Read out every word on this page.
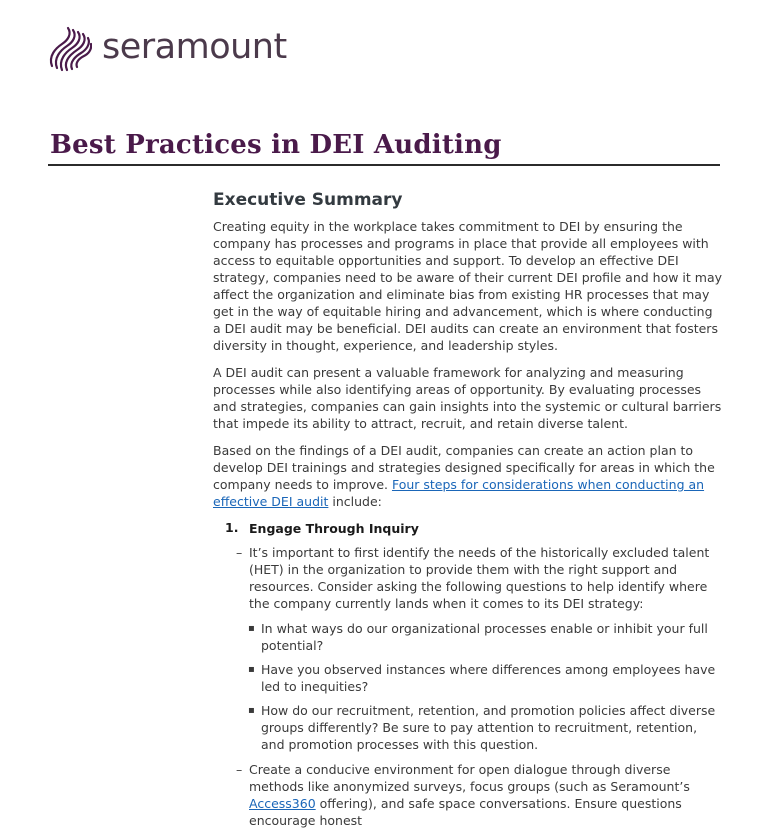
seramount
Best Practices in DEI Auditing
Executive Summary

Creating equity in the workplace takes commitment to DEI by ensuring the company has processes and programs in place that provide all employees with access to equitable opportunities and support. To develop an effective DEI strategy, companies need to be aware of their current DEI profile and how it may affect the organization and eliminate bias from existing HR processes that may get in the way of equitable hiring and advancement, which is where conducting a DEI audit may be beneficial. DEI audits can create an environment that fosters diversity in thought, experience, and leadership styles.

A DEI audit can present a valuable framework for analyzing and measuring processes while also identifying areas of opportunity. By evaluating processes and strategies, companies can gain insights into the systemic or cultural barriers that impede its ability to attract, recruit, and retain diverse talent.

Based on the findings of a DEI audit, companies can create an action plan to develop DEI trainings and strategies designed specifically for areas in which the company needs to improve. Four steps for considerations when conducting an effective DEI audit include:

1. Engage Through Inquiry
– It’s important to first identify the needs of the historically excluded talent (HET) in the organization to provide them with the right support and resources. Consider asking the following questions to help identify where the company currently lands when it comes to its DEI strategy:
▪ In what ways do our organizational processes enable or inhibit your full potential?
▪ Have you observed instances where differences among employees have led to inequities?
▪ How do our recruitment, retention, and promotion policies affect diverse groups differently? Be sure to pay attention to recruitment, retention, and promotion processes with this question.
– Create a conducive environment for open dialogue through diverse methods like anonymized surveys, focus groups (such as Seramount’s Access360 offering), and safe space conversations. Ensure questions encourage honest
